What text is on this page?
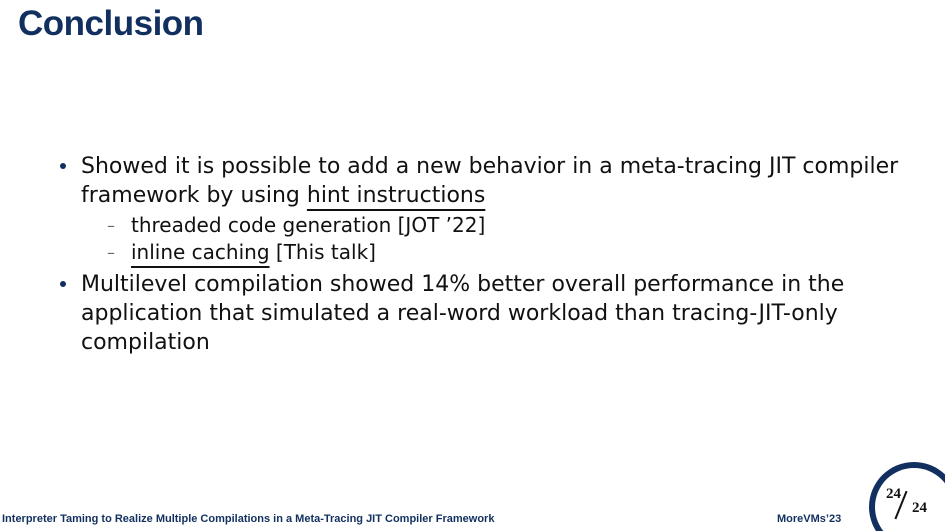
Conclusion
Showed it is possible to add a new behavior in a meta-tracing JIT compiler framework by using hint instructions
– threaded code generation [JOT ’22]
– inline caching [This talk]
Multilevel compilation showed 14% better overall performance in the application that simulated a real-word workload than tracing-JIT-only compilation
Interpreter Taming to Realize Multiple Compilations in a Meta-Tracing JIT Compiler Framework	MoreVMs’23
24
24
